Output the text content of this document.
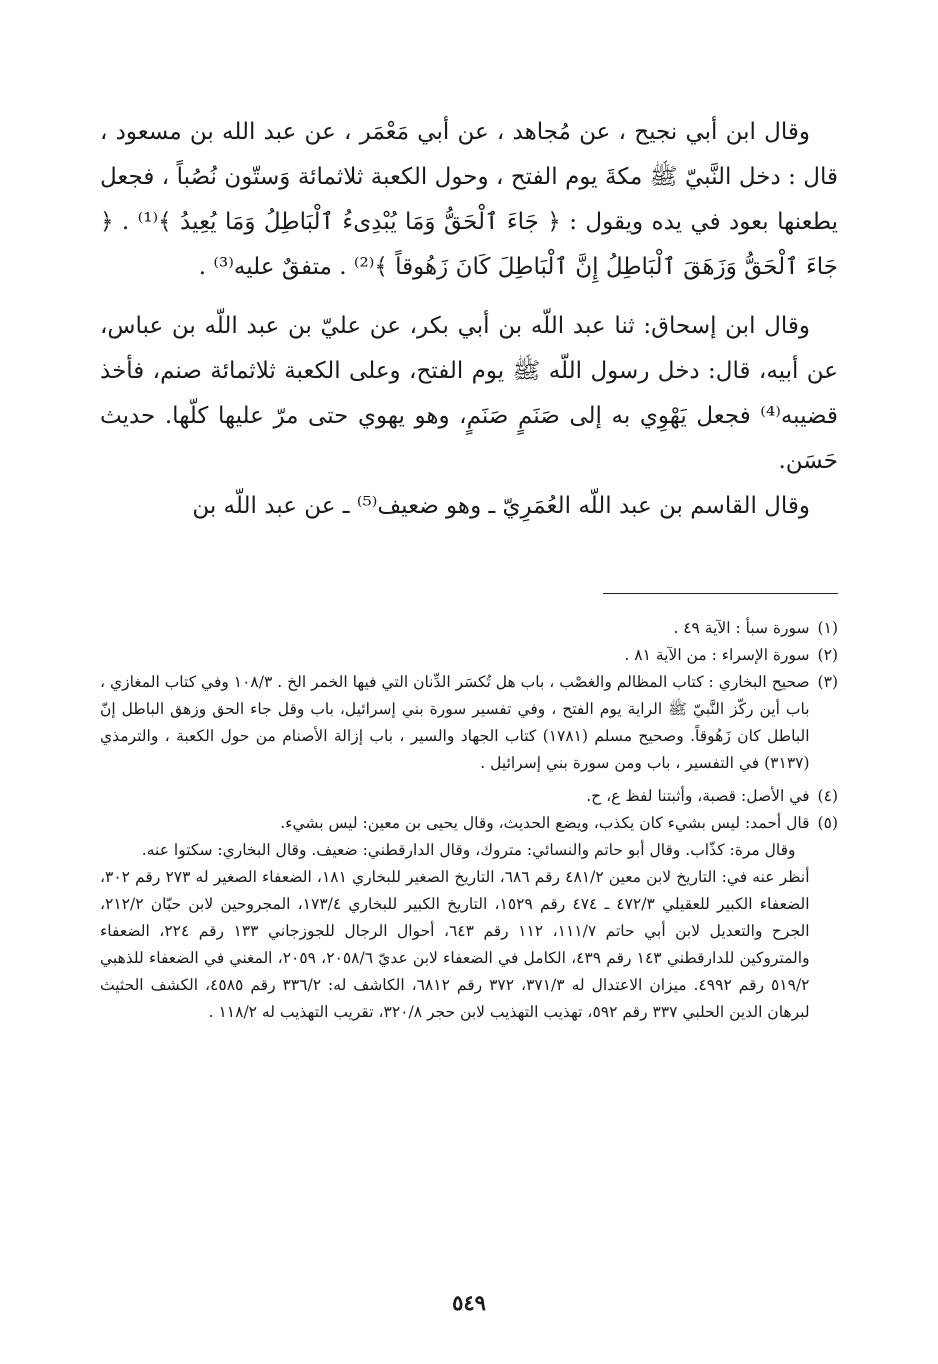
وقال ابن أبي نجيح ، عن مُجاهد ، عن أبي مَعْمَر ، عن عبد الله بن مسعود ، قال : دخل النَّبيّ ﷺ مكةَ يوم الفتح ، وحول الكعبة ثلاثمائة وَستّون نُصُباً ، فجعل يطعنها بعود في يده ويقول : ﴿ جَاءَ ٱلْحَقُّ وَمَا يُبْدِىءُ ٱلْبَاطِلُ وَمَا يُعِيدُ ﴾⁽¹⁾ . ﴿ جَاءَ ٱلْحَقُّ وَزَهَقَ ٱلْبَاطِلُ إِنَّ ٱلْبَاطِلَ كَانَ زَهُوقاً ﴾⁽²⁾ . متفقٌ عليه⁽³⁾ .

وقال ابن إسحاق: ثنا عبد اللّه بن أبي بكر، عن عليّ بن عبد اللّه بن عباس، عن أبيه، قال: دخل رسول اللّه ﷺ يوم الفتح، وعلى الكعبة ثلاثمائة صنم، فأخذ قضيبه⁽⁴⁾ فجعل يَهْوِي به إلى صَنَمٍ صَنَمٍ، وهو يهوي حتى مرّ عليها كلّها. حديث حَسَن.

وقال القاسم بن عبد اللّه العُمَرِيّ ـ وهو ضعيف⁽⁵⁾ ـ عن عبد اللّه بن

(١)

سورة سبأ : الآية ٤٩ .

(٢)

سورة الإسراء : من الآية ٨١ .

(٣)

صحيح البخاري : كتاب المظالم والغصْب ، باب هل تُكسَر الدِّنان التي فيها الخمر الخ . ١٠٨/٣ وفي كتاب المغازي ، باب أين ركّز النَّبيّ ﷺ الراية يوم الفتح ، وفي تفسير سورة بني إسرائيل، باب وقل جاء الحق وزهق الباطل إنّ الباطل كان زَهُوقاً. وصحيح مسلم (١٧٨١) كتاب الجهاد والسير ، باب إزالة الأصنام من حول الكعبة ، والترمذي (٣١٣٧) في التفسير ، باب ومن سورة بني إسرائيل .

(٤)

في الأصل: قصبة، وأثبتنا لفظ ع، ح.

(٥)

قال أحمد: ليس بشيء كان يكذب، ويضع الحديث، وقال يحيى بن معين: ليس بشيء.

وقال مرة: كذّاب. وقال أبو حاتم والنسائي: متروك، وقال الدارقطني: ضعيف. وقال البخاري: سكتوا عنه.

أنظر عنه في: التاريخ لابن معين ٤٨١/٢ رقم ٦٨٦، التاريخ الصغير للبخاري ١٨١، الضعفاء الصغير له ٢٧٣ رقم ٣٠٢، الضعفاء الكبير للعقيلي ٤٧٢/٣ ـ ٤٧٤ رقم ١٥٢٩، التاريخ الكبير للبخاري ١٧٣/٤، المجروحين لابن حبّان ٢١٢/٢، الجرح والتعديل لابن أبي حاتم ١١١/٧، ١١٢ رقم ٦٤٣، أحوال الرجال للجوزجاني ١٣٣ رقم ٢٢٤، الضعفاء والمتروكين للدارقطني ١٤٣ رقم ٤٣٩، الكامل في الضعفاء لابن عديّ ٢٠٥٨/٦، ٢٠٥٩، المغني في الضعفاء للذهبي ٥١٩/٢ رقم ٤٩٩٢. ميزان الاعتدال له ٣٧١/٣، ٣٧٢ رقم ٦٨١٢، الكاشف له: ٣٣٦/٢ رقم ٤٥٨٥، الكشف الحثيث لبرهان الدين الحلبي ٣٣٧ رقم ٥٩٢، تهذيب التهذيب لابن حجر ٣٢٠/٨، تقريب التهذيب له ١١٨/٢ .

٥٤٩
